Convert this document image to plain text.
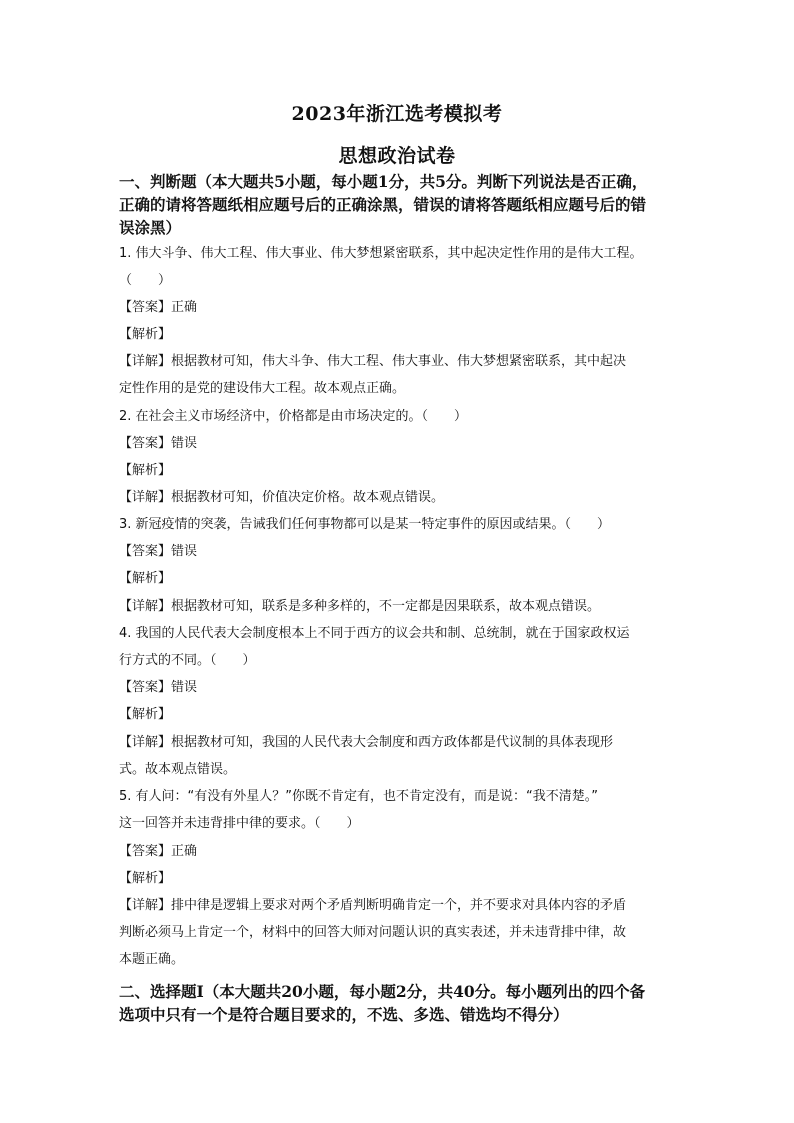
2023年浙江选考模拟考
思想政治试卷
一、判断题（本大题共5小题，每小题1分，共5分。判断下列说法是否正确，
正确的请将答题纸相应题号后的正确涂黑，错误的请将答题纸相应题号后的错
误涂黑）
1. 伟大斗争、伟大工程、伟大事业、伟大梦想紧密联系，其中起决定性作用的是伟大工程。
（　　）
【答案】正确
【解析】
【详解】根据教材可知，伟大斗争、伟大工程、伟大事业、伟大梦想紧密联系，其中起决
定性作用的是党的建设伟大工程。故本观点正确。
2. 在社会主义市场经济中，价格都是由市场决定的。（　　）
【答案】错误
【解析】
【详解】根据教材可知，价值决定价格。故本观点错误。
3. 新冠疫情的突袭，告诫我们任何事物都可以是某一特定事件的原因或结果。（　　）
【答案】错误
【解析】
【详解】根据教材可知，联系是多种多样的，不一定都是因果联系，故本观点错误。
4. 我国的人民代表大会制度根本上不同于西方的议会共和制、总统制，就在于国家政权运
行方式的不同。（　　）
【答案】错误
【解析】
【详解】根据教材可知，我国的人民代表大会制度和西方政体都是代议制的具体表现形
式。故本观点错误。
5. 有人问：“有没有外星人？”你既不肯定有，也不肯定没有，而是说：“我不清楚。”
这一回答并未违背排中律的要求。（　　）
【答案】正确
【解析】
【详解】排中律是逻辑上要求对两个矛盾判断明确肯定一个，并不要求对具体内容的矛盾
判断必须马上肯定一个，材料中的回答大师对问题认识的真实表述，并未违背排中律，故
本题正确。
二、选择题Ⅰ（本大题共20小题，每小题2分，共40分。每小题列出的四个备
选项中只有一个是符合题目要求的，不选、多选、错选均不得分）
